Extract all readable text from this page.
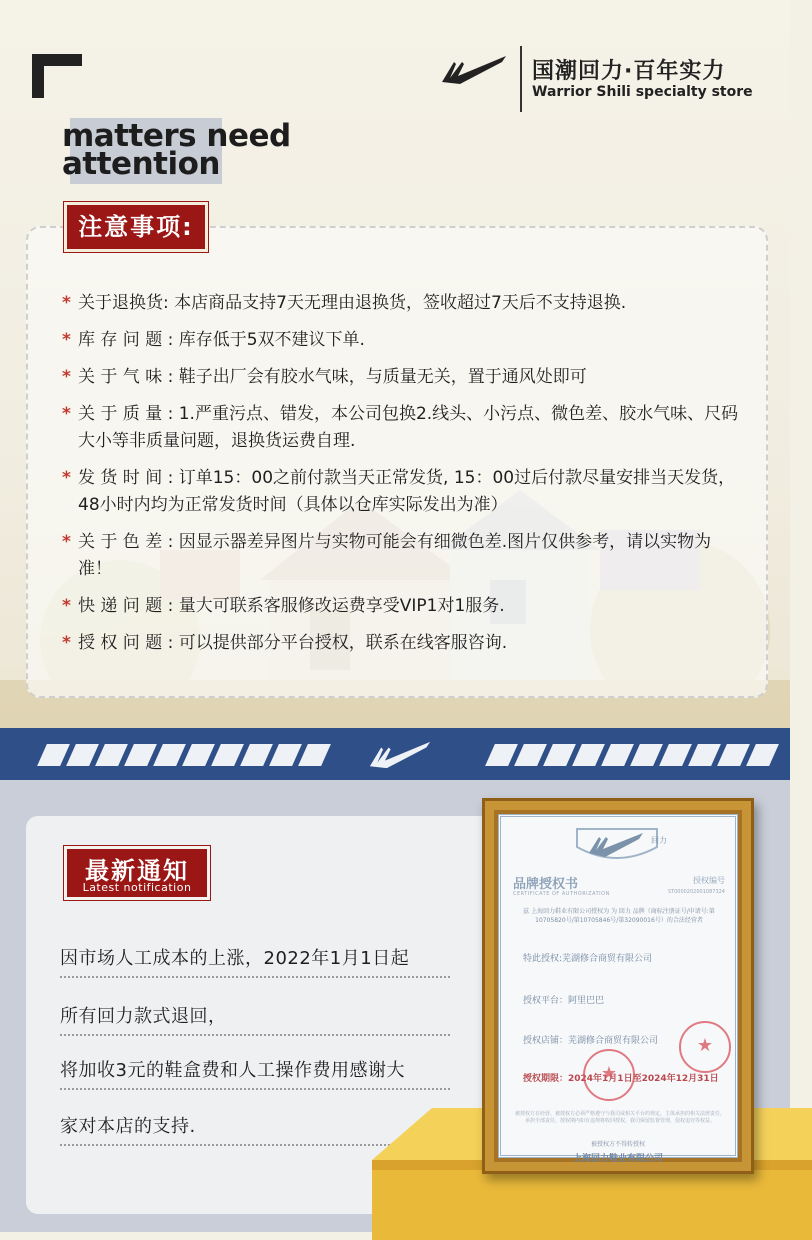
国潮回力·百年实力
Warrior Shili specialty store
matters need
attention
注意事项:
* 关于退换货: 本店商品支持7天无理由退换货，签收超过7天后不支持退换.
* 库 存 问 题 : 库存低于5双不建议下单.
* 关 于 气 味 : 鞋子出厂会有胶水气味，与质量无关，置于通风处即可
* 关 于 质 量 : 1.严重污点、错发，本公司包换2.线头、小污点、微色差、胶水气味、尺码大小等非质量问题，退换货运费自理.
* 发 货 时 间 : 订单15：00之前付款当天正常发货, 15：00过后付款尽量安排当天发货，48小时内均为正常发货时间（具体以仓库实际发出为准）
* 关 于 色 差 : 因显示器差异图片与实物可能会有细微色差.图片仅供参考，请以实物为准！
* 快 递 问 题 : 量大可联系客服修改运费享受VIP1对1服务.
* 授 权 问 题 : 可以提供部分平台授权，联系在线客服咨询.
最新通知
Latest notification
因市场人工成本的上涨，2022年1月1日起
所有回力款式退回，
将加收3元的鞋盒费和人工操作费用感谢大
家对本店的支持.
回力
品牌授权书
CERTIFICATE OF AUTHORIZATION
授权编号
ST0000202001087324
兹 上海回力鞋业有限公司授权为 为 回力 品牌（商标注册证号/申请号:第10705820号/第10705846号/第32090016号）的合法经营者
特此授权:芜湖修合商贸有限公司
授权平台：阿里巴巴
授权店铺：芜湖修合商贸有限公司
授权期限：2024年1月1日至2024年12月31日
★
★
被授权方在经营、被授权方必须严格遵守与我司或相关平台的规定，主体承担的相关法律责任，承担全部责任，授权期内如有违规将收回授权，我司保留监督管理，侵权追究等权益。
被授权方不得转授权
上海回力鞋业有限公司
